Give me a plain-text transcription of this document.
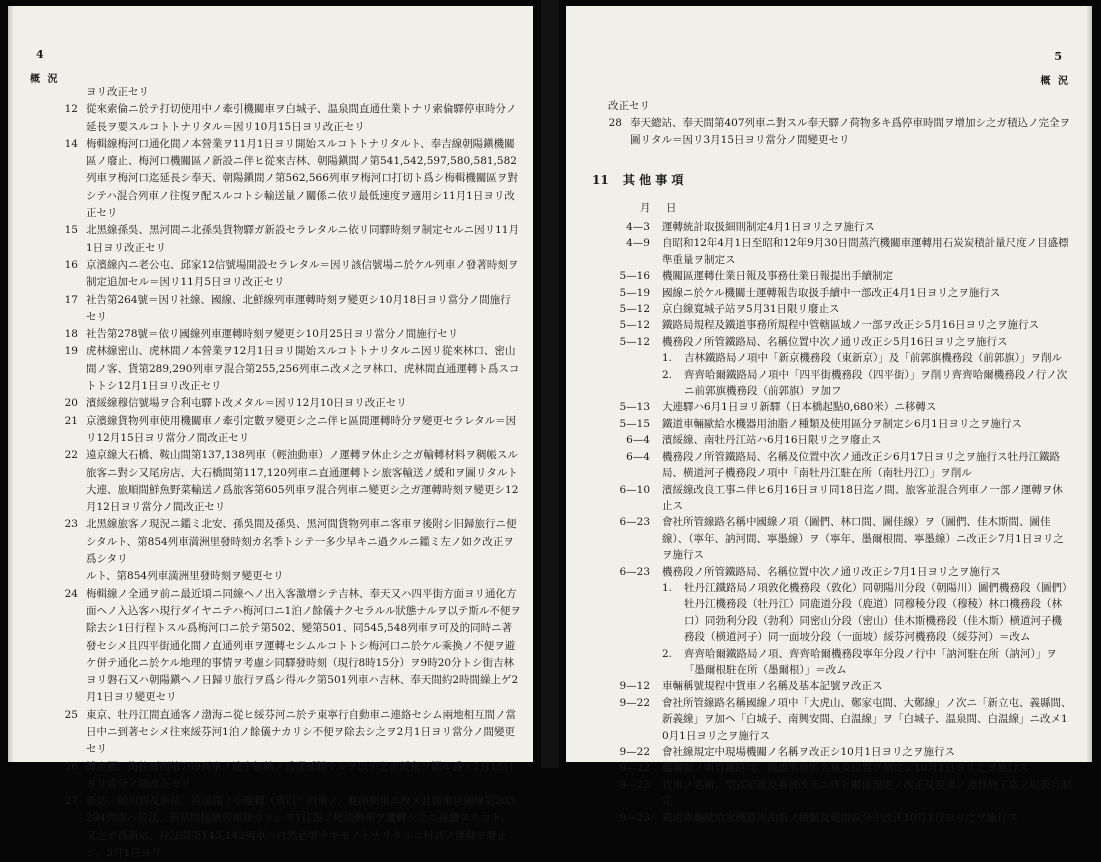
4
概 況
ヨリ改正セリ
12 從來索倫ニ於テ打切使用中ノ牽引機關車ヲ白城子、温泉間直通仕業トナリ索倫驛停車時分ノ延長ヲ要スルコトトナリタル＝因リ10月15日ヨリ改正セリ
14 梅輯線梅河口通化間ノ本營業ヲ11月1日ヨリ開始スルコトトナリタルト、奉吉線朝陽鎭機關區ノ廢止、梅河口機關區ノ新設ニ伴ヒ從來吉林、朝陽鎭間ノ第541,542,597,580,581,582列車ヲ梅河口迄延長シ奉天、朝陽鎭間ノ第562,566列車ヲ梅河口打切ト爲シ梅輯機關區ヲ對シテハ混合列車ノ往復ヲ配スルコトシ輸送量ノ關係ニ依リ最低速度ヲ適用シ11月1日ヨリ改正セリ
15 北黑線孫吳、黑河間ニ北孫吳貨物驛ガ新設セラレタルニ依リ同驛時刻ヲ制定セルニ因リ11月1日ヨリ改正セリ
16 京濱線內ニ老公屯、邱家12信號場開設セラレタル＝因リ該信號場ニ於ケル列車ノ發著時刻ヲ制定追加セル＝因リ11月5日ヨリ改正セリ
17 社告第264號＝因リ社線、國線、北鮮線列車運轉時刻ヲ變更シ10月18日ヨリ當分ノ間施行セリ
18 社告第278號＝依リ國線列車運轉時刻ヲ變更シ10月25日ヨリ當分ノ間施行セリ
19 虎林線密山、虎林間ノ本營業ヲ12月1日ヨリ開始スルコトトナリタルニ因リ從來林口、密山間ノ客、貨第289,290列車ヲ混合第255,256列車ニ改メ之ヲ林口、虎林間直通運轉ト爲スコトトシ12月1日ヨリ改正セリ
20 濱綏線穆信號場ヲ合利屯驛ト改メタル＝因リ12月10日ヨリ改正セリ
21 京濱線貨物列車使用機關車ノ牽引定數ヲ變更シ之ニ伴ヒ區間運轉時分ヲ變更セラレタル＝因リ12月15日ヨリ當分ノ間改正セリ
22 遠京線大石橋、鞍山間第137,138列車（輕油動車）ノ運轉ヲ休止シ之ガ輸轉材料ヲ稠帳スル旅客ニ對シ又尾房店、大石橋間第117,120列車ニ直通運轉トシ旅客輸送ノ緩和ヲ圖リタルト大連、旅順間鮮魚野菜輸送ノ爲旅客第605列車ヲ混合列車ニ變更シ之ガ運轉時刻ヲ變更シ12月12日ヨリ當分ノ間改正セリ
23 北黑線旅客ノ現況ニ鑑ミ北安、孫吳間及孫吳、黑河間貨物列車ニ客車ヲ後附シ旧歸旅行ニ便シタルト、第854列車満洲里發時刻カ名季トシテ一多少早キニ過クルニ鑑ミ左ノ如ク改正ヲ爲シタリ
ルト、第854列車満洲里發時刻ヲ變更セリ
24 梅輯線ノ全通ヲ前ニ最近頃ニ同線ヘノ出入客激增シテ吉林、奉天又ハ四平街方面ヨリ通化方面ヘノ入込客ハ現行ダイヤニテハ梅河口ニ1泊ノ餘儀ナクセラルル狀態ナルヲ以テ斯ル不便ヲ除去シ1日行程トスル爲梅河口ニ於テ第502、變第501、同545,548列車ヲ可及的同時ニ著發セシメ且四平街通化間ノ直通列車ヲ運轉セシムルコトトシ梅河口ニ於ケル乘換ノ不便ヲ避ケ併テ通化ニ於ケル地理的事情ヲ考慮シ同驛發時刻（現行8時15分）ヲ9時20分トシ街吉林ヨリ磐石又ハ朝陽鎭ヘノ日歸リ旅行ヲ爲シ得ルク第501列車ハ吉林、奉天間約2時間繰上ゲ2月1日ヨリ變更セリ
25 東京、牡丹江間直通客ノ渤海ニ從ヒ綏芬河ニ於テ東寧行自動車ニ連絡セシム兩地相互間ノ當日中ニ到著セシメ往來綏芬河1泊ノ餘儀ナカリシ不便ヲ除去シ之ヲ2月1日ヨリ當分ノ間變更セリ
26 博克圖、海拉爾間第769列車ノ途中解結ノ爲遅延勝ナルヲ以テ之ガ緩和ヲ圖ル爲メ2月15日ヨリ當分ノ間改正セリ
27 新站、蛟河間及新站、拉法間ノ小運轉（蒸汽）列車ノ、輕油動車ニ改メ且從來京圖線第203,204列車ハ拉法、新站間接續列車無カリシヲ1往復ノ輕油動車ヲ運轉シ之ニ接續スルコト、又之ガ爲新站、拉法間第143,142列車ハ自然必要ナキモノトナリタルニ付其ノ運轉ヲ廢止シ、3月1日ヨリ
5
概 況
改正セリ
28 奉天總站、奉天間第407列車ニ對スル奉天驛ノ荷物多キ爲停車時間ヲ增加シ之ガ積込ノ完全ヲ圖リタル＝因リ3月15日ヨリ當分ノ間變更セリ
11 其 他 事 項
月 日
4—3	運轉統計取扱細則制定4月1日ヨリ之ヲ施行ス
4—9	自昭和12年4月1日至昭和12年9月30日間蒸汽機關車運轉用石炭炭積計量尺度ノ目盛標準重量ヲ制定ス
5—16	機關區運轉仕業日報及事務仕業日報提出手續制定
5—19	國線ニ於ケル機關士運轉報告取扱手續中一部改正4月1日ヨリ之ヲ施行ス
5—12	京白線寬城子站ヲ5月31日限リ廢止ス
5—12	鐵路局規程及鐵道事務所規程中管轄區域ノ一部ヲ改正シ5月16日ヨリ之ヲ施行ス
5—12	機務段ノ所管鐵路局、名稱位置中次ノ通リ改正シ5月16日ヨリ之ヲ施行ス
1.	吉林鐵路局ノ項中「新京機務段（東新京）」及「前郭旗機務段（前郭旗）」ヲ削ル
2.	齊齊哈爾鐵路局ノ項中「四平街機務段（四平街）」ヲ削リ齊齊哈爾機務段ノ行ノ次ニ前郭旗機務段（前郭旗）ヲ加フ
5—13	大連驛ハ6月1日ヨリ新驛（日本橋起點0,680米）ニ移轉ス
5—15	鐵道車輛歐給水機器用油脂ノ種類及使用區分ヲ制定シ6月1日ヨリ之ヲ施行ス
6—4	濱綏線、南牡丹江站ハ6月16日限リ之ヲ廢止ス
6—4	機務段ノ所管鐵路局、名稱及位置中次ノ通改正シ6月17日ヨリ之ヲ施行ス牡丹江鐵路局、横道河子機務段ノ項中「南牡丹江駐在所（南牡丹江）」ヲ削ル
6—10	濱綏線改良工事ニ伴ヒ6月16日ヨリ同18日迄ノ間、旅客並混合列車ノ一部ノ運轉ヲ休止ス
6—23	會社所管線路名稱中國線ノ項（圖們、林口間、圖佳線）ヲ（圖們、佳木斯間、圖佳線）、（寧年、訥河間、寧墨線）ヲ（寧年、墨爾根間、寧墨線）ニ改正シ7月1日ヨリ之ヲ施行ス
6—23	機務段ノ所管鐵路局、名稱位置中次ノ通リ改正シ7月1日ヨリ之ヲ施行ス
1.	牡丹江鐵路局ノ項敦化機務段（敦化）同朝陽川分段（朝陽川）圖們機務段（圖們）牡丹江機務段（牡丹江）同鹿道分段（鹿道）同穆稜分段（穆稜）林口機務段（林口）同勃利分段（勃利）同密山分段（密山）佳木斯機務段（佳木斯）横道河子機務段（横道河子）同一面坡分段（一面坡）綏芬河機務段（綏芬河）＝改ム
2.	齊齊哈爾鐵路局ノ項、齊齊哈爾機務段寧年分段ノ行中「訥河駐在所（訥河）」ヲ「墨爾根駐在所（墨爾根）」＝改ム
9—12	車輛稱號規程中貨車ノ名稱及基本記號ヲ改正ス
9—22	會社所管線路名稱國線ノ項中「大虎山、鄭家屯間、大鄭線」ノ次ニ「新立屯、義縣間、新義線」ヲ加ヘ「白城子、南興安間、白温線」ヲ「白城子、温泉間、白温線」ニ改メ10月1日ヨリ之ヲ施行ス
9—22	會社線規定中現場機關ノ名稱ヲ改正シ10月1日ヨリ之ヲ施行ス
9—22	機關區ノ所管鐵路局、鐵道事務所名稱及位置ヲ制定シ10月1日ヨリ之ヲ施行ス
9—23	貨車ノ名稱、型式記號及番號改正ニ伴ヒ關係規定ノ改正及現車ノ書替終了迄ノ取扱方制定
9—23	鐵道車輛歐給水機器用油脂ノ種類及使用區分中改正10月1日ヨリ之ヲ施行ス
